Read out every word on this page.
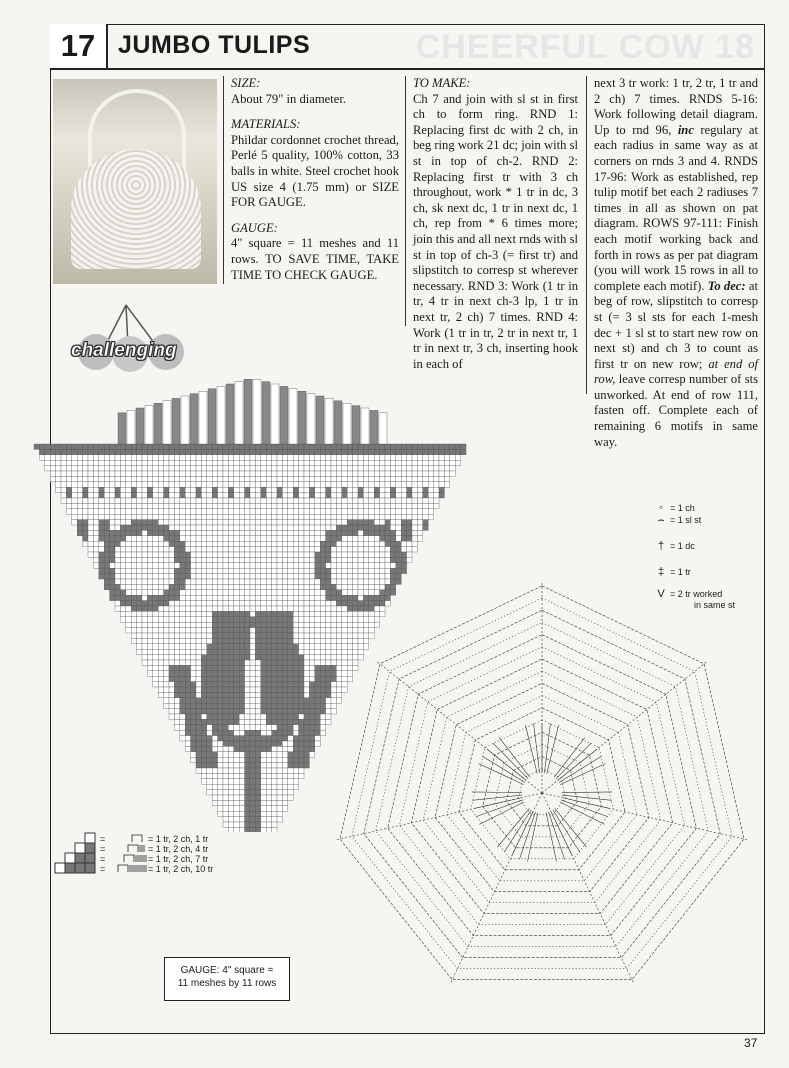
17 JUMBO TULIPS	CHEERFUL COW 18

SIZE:
About 79" in diameter.

MATERIALS:
Phildar cordonnet crochet thread, Perlé 5 quality, 100% cotton, 33 balls in white. Steel crochet hook US size 4 (1.75 mm) or SIZE FOR GAUGE.

GAUGE:
4" square = 11 meshes and 11 rows. TO SAVE TIME, TAKE TIME TO CHECK GAUGE.

TO MAKE:
Ch 7 and join with sl st in first ch to form ring. RND 1: Replacing first dc with 2 ch, in beg ring work 21 dc; join with sl st in top of ch-2. RND 2: Replacing first tr with 3 ch throughout, work * 1 tr in dc, 3 ch, sk next dc, 1 tr in next dc, 1 ch, rep from * 6 times more; join this and all next rnds with sl st in top of ch-3 (= first tr) and slipstitch to corresp st wherever necessary. RND 3: Work (1 tr in tr, 4 tr in next ch-3 lp, 1 tr in next tr, 2 ch) 7 times. RND 4: Work (1 tr in tr, 2 tr in next tr, 1 tr in next tr, 3 ch, inserting hook in each of

next 3 tr work: 1 tr, 2 tr, 1 tr and 2 ch) 7 times. RNDS 5-16: Work following detail diagram. Up to rnd 96, inc regulary at each radius in same way as at corners on rnds 3 and 4. RNDS 17-96: Work as established, rep tulip motif bet each 2 radiuses 7 times in all as shown on pat diagram. ROWS 97-111: Finish each motif working back and forth in rows as per pat diagram (you will work 15 rows in all to complete each motif). To dec: at beg of row, slipstitch to corresp st (= 3 sl sts for each 1-mesh dec + 1 sl st to start new row on next st) and ch 3 to count as first tr on new row; at end of row, leave corresp number of sts unworked. At end of row 111, fasten off. Complete each of remaining 6 motifs in same way.

challenging
=
=
=
=
= 1 tr, 2 ch, 1 tr
= 1 tr, 2 ch, 4 tr
= 1 tr, 2 ch, 7 tr
= 1 tr, 2 ch, 10 tr
◦ = 1 ch
⌢ = 1 sl st
† = 1 dc
‡ = 1 tr
V = 2 tr worked
in same st
GAUGE: 4" square =
11 meshes by 11 rows
37
